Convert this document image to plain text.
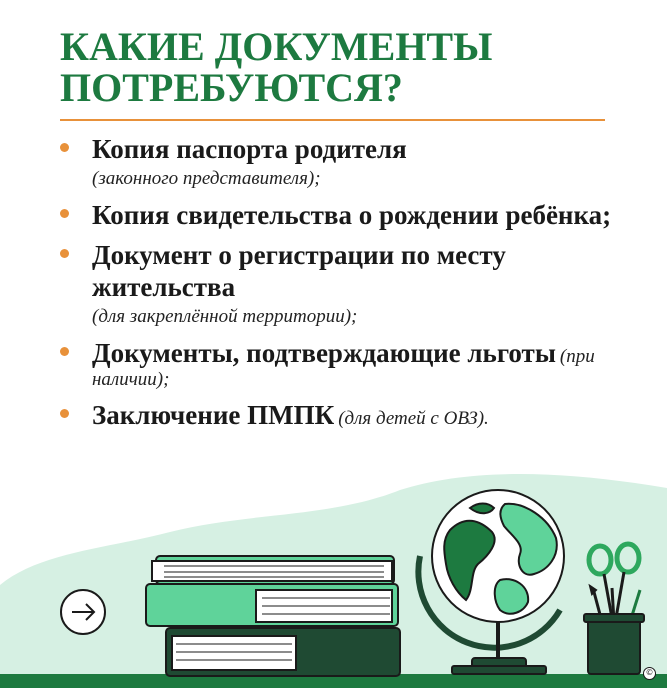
КАКИЕ ДОКУМЕНТЫ
ПОТРЕБУЮТСЯ?
Копия паспорта родителя
(законного представителя);
Копия свидетельства о рождении ребёнка;
Документ о регистрации по месту жительства
(для закреплённой территории);
Документы, подтверждающие льготы (при наличии);
Заключение ПМПК (для детей с ОВЗ).
©
